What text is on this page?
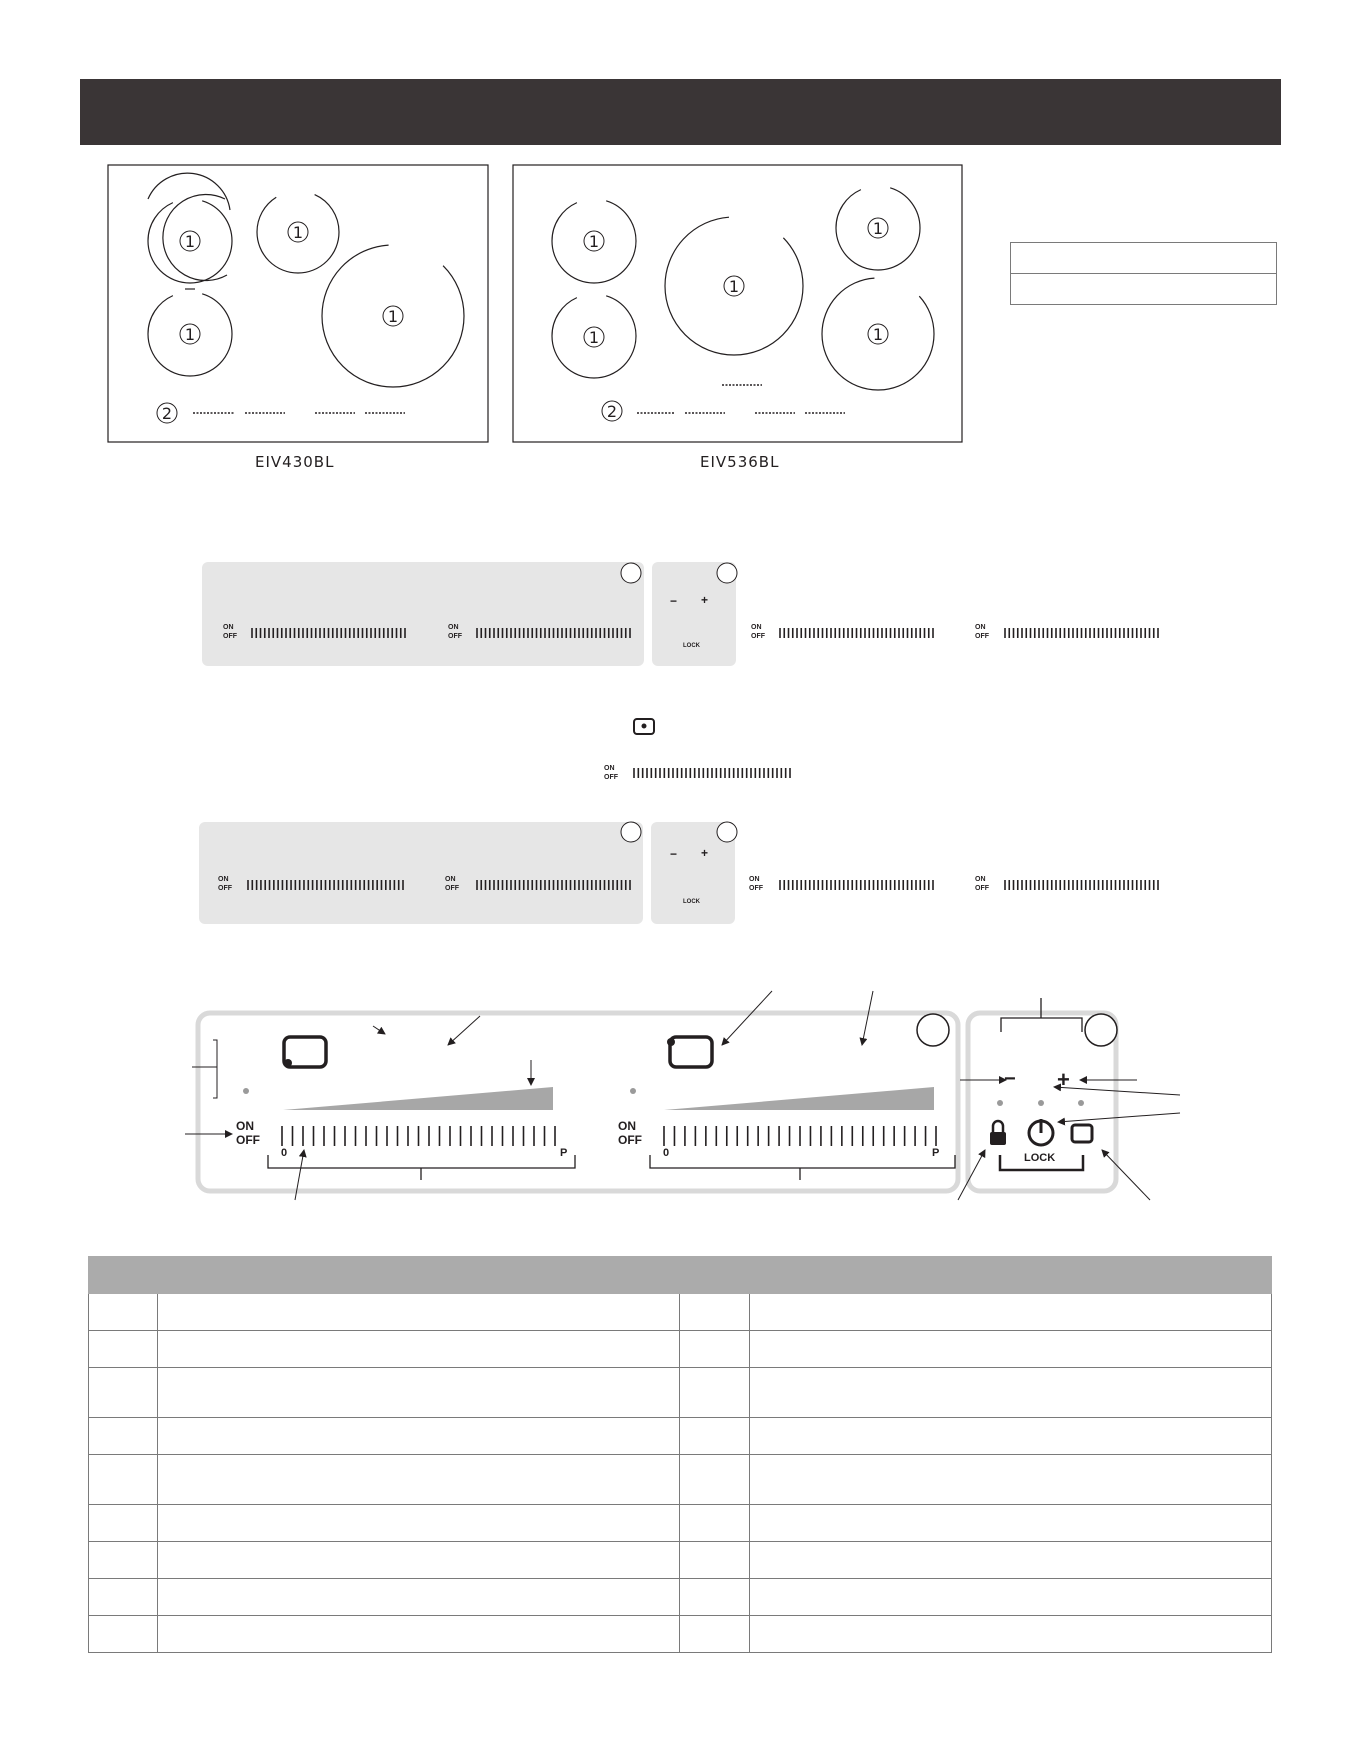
1	1
1
1
2
1
1
1
1	1
2
EIV430BL	EIV536BL
ON
OFF
ON
OFF
ON
OFF
ON
OFF
ON
OFF
ON
OFF
ON
OFF
ON
OFF
ON
OFF
ON
OFF
ON
OFF
0	P	0	P
− +
LOCK
− +
LOCK
− +
LOCK
